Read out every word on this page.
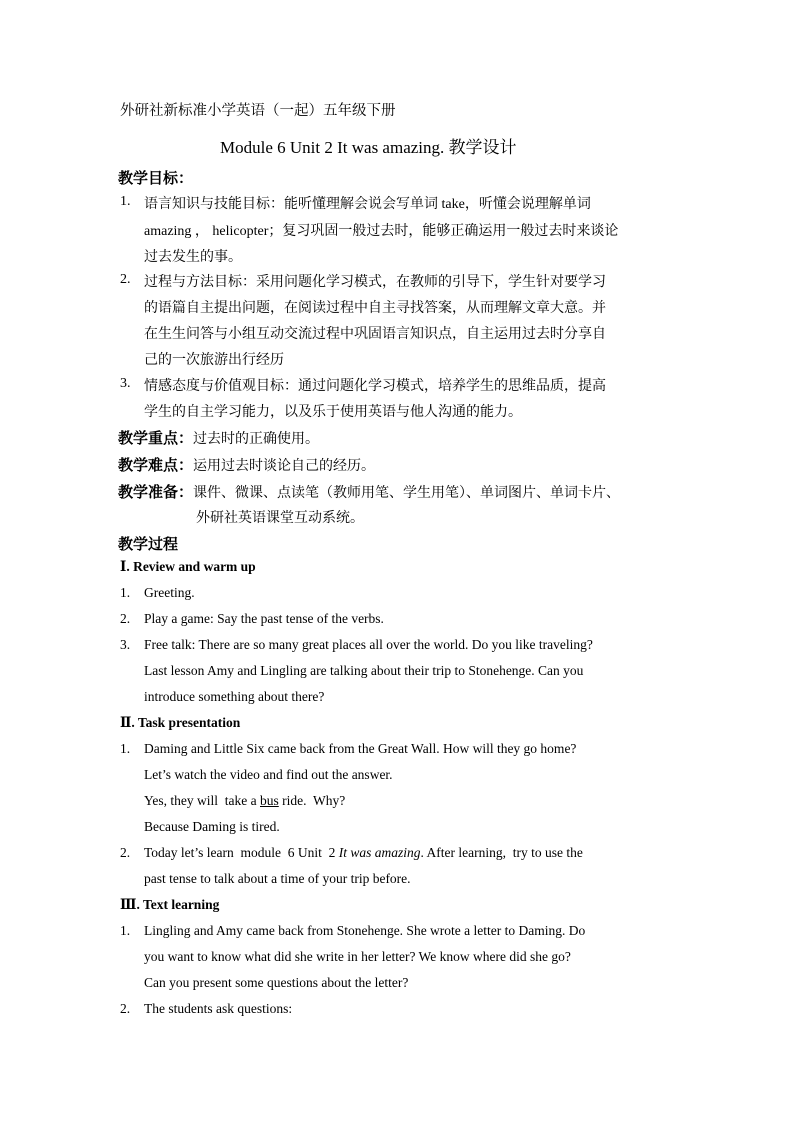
外研社新标准小学英语（一起）五年级下册
Module 6 Unit 2 It was amazing. 教学设计
教学目标：
1. 语言知识与技能目标：能听懂理解会说会写单词 take，听懂会说理解单词
amazing ， helicopter；复习巩固一般过去时，能够正确运用一般过去时来谈论
过去发生的事。
2. 过程与方法目标：采用问题化学习模式，在教师的引导下，学生针对要学习
的语篇自主提出问题，在阅读过程中自主寻找答案，从而理解文章大意。并
在生生问答与小组互动交流过程中巩固语言知识点，自主运用过去时分享自
己的一次旅游出行经历
3. 情感态度与价值观目标：通过问题化学习模式，培养学生的思维品质，提高
学生的自主学习能力，以及乐于使用英语与他人沟通的能力。
教学重点：过去时的正确使用。
教学难点：运用过去时谈论自己的经历。
教学准备：课件、微课、点读笔（教师用笔、学生用笔）、单词图片、单词卡片、
外研社英语课堂互动系统。
教学过程
Ⅰ. Review and warm up
1. Greeting.
2. Play a game: Say the past tense of the verbs.
3. Free talk: There are so many great places all over the world. Do you like traveling?
Last lesson Amy and Lingling are talking about their trip to Stonehenge. Can you
introduce something about there?
Ⅱ. Task presentation
1. Daming and Little Six came back from the Great Wall. How will they go home?
Let’s watch the video and find out the answer.
Yes, they will  take a bus ride.  Why?
Because Daming is tired.
2. Today let’s learn  module  6 Unit  2 It was amazing. After learning,  try to use the
past tense to talk about a time of your trip before.
Ⅲ. Text learning
1. Lingling and Amy came back from Stonehenge. She wrote a letter to Daming. Do
you want to know what did she write in her letter? We know where did she go?
Can you present some questions about the letter?
2. The students ask questions:
